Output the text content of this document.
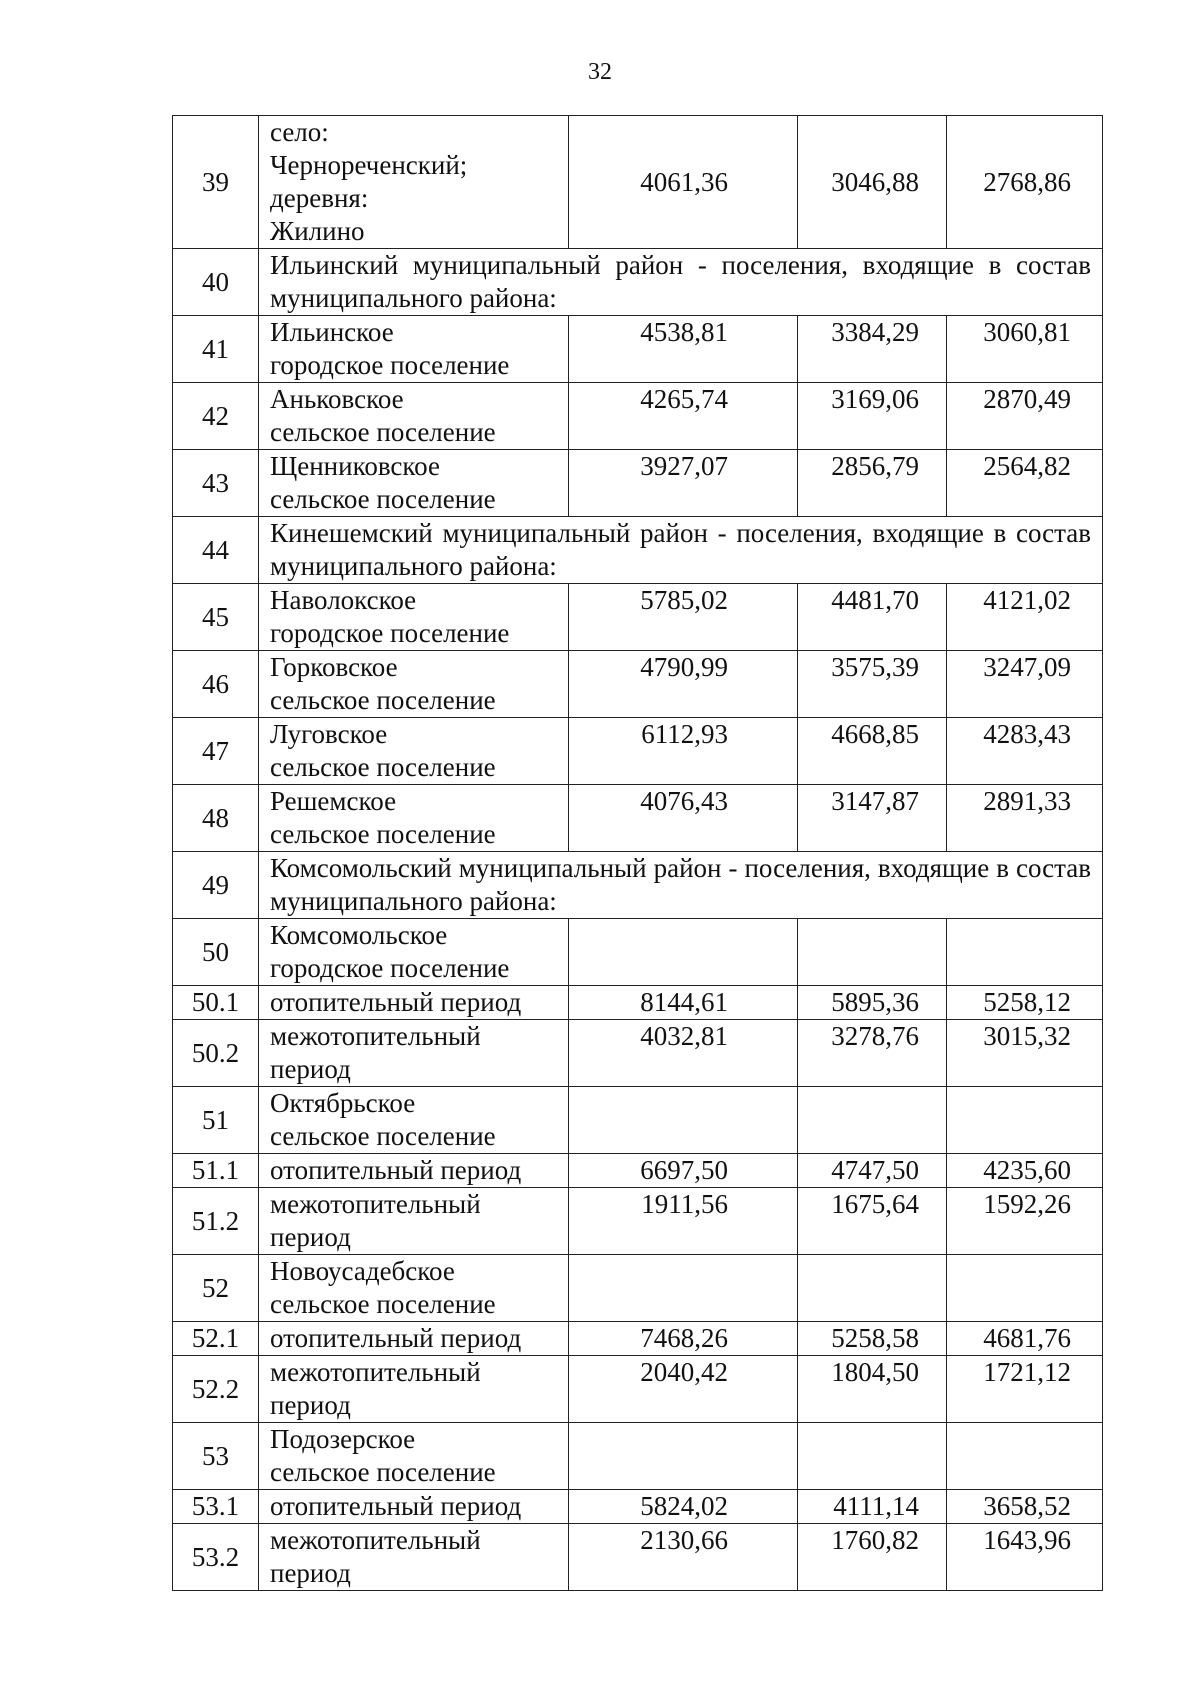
32
39	село:
Чернореченский;
деревня:
Жилино	4061,36	3046,88	2768,86
40	Ильинский муниципальный район - поселения, входящие в состав муниципального района:			
41	Ильинское
городское поселение	4538,81	3384,29	3060,81
42	Аньковское
сельское поселение	4265,74	3169,06	2870,49
43	Щенниковское
сельское поселение	3927,07	2856,79	2564,82
44	Кинешемский муниципальный район - поселения, входящие в состав муниципального района:			
45	Наволокское
городское поселение	5785,02	4481,70	4121,02
46	Горковское
сельское поселение	4790,99	3575,39	3247,09
47	Луговское
сельское поселение	6112,93	4668,85	4283,43
48	Решемское
сельское поселение	4076,43	3147,87	2891,33
49	Комсомольский муниципальный район - поселения, входящие в состав муниципального района:			
50	Комсомольское
городское поселение			

50.1	отопительный период	8144,61	5895,36	5258,12
50.2	межотопительный
период	4032,81	3278,76	3015,32
51	Октябрьское
сельское поселение			

51.1	отопительный период	6697,50	4747,50	4235,60
51.2	межотопительный
период	1911,56	1675,64	1592,26
52	Новоусадебское
сельское поселение			

52.1	отопительный период	7468,26	5258,58	4681,76
52.2	межотопительный
период	2040,42	1804,50	1721,12
53	Подозерское
сельское поселение			

53.1	отопительный период	5824,02	4111,14	3658,52
53.2	межотопительный
период	2130,66	1760,82	1643,96
